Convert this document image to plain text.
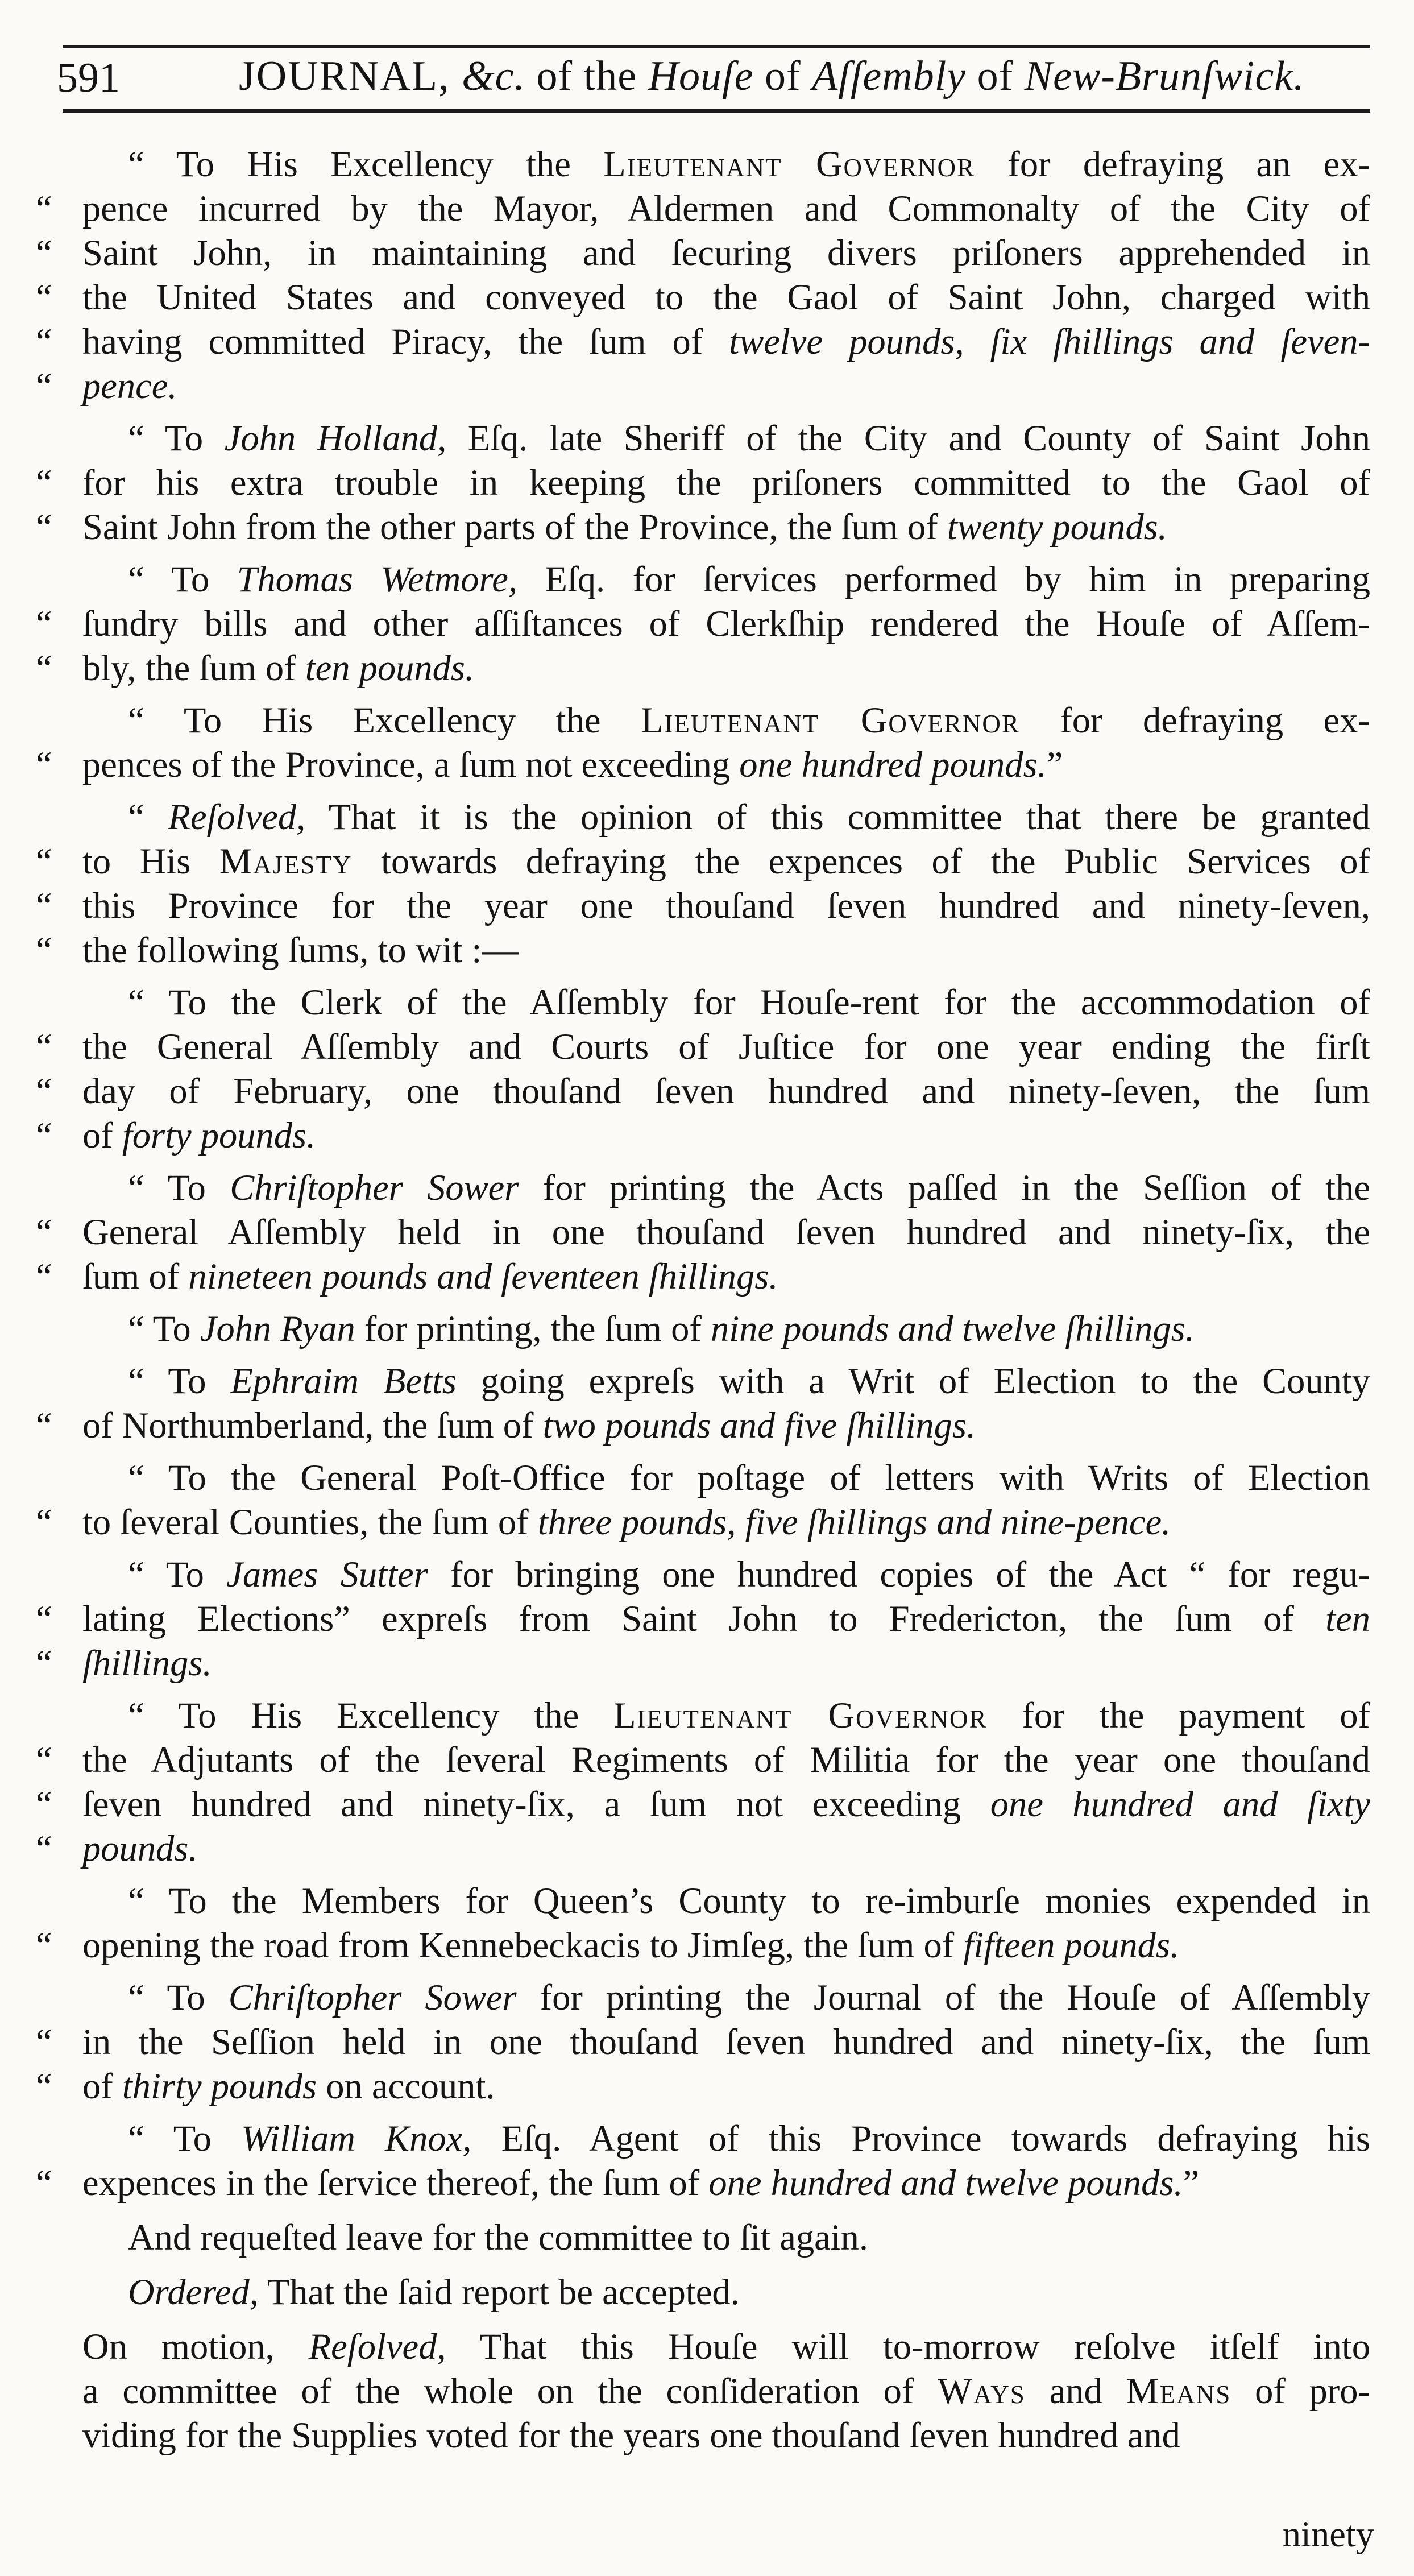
591	JOURNAL, &c. of the Houſe of Aſſembly of New-Brunſwick.
“ To His Excellency the Lieutenant Governor for defraying an ex-
“ pence incurred by the Mayor, Aldermen and Commonalty of the City of
“ Saint John, in maintaining and ſecuring divers priſoners apprehended in
“ the United States and conveyed to the Gaol of Saint John, charged with
“ having committed Piracy, the ſum of twelve pounds, ſix ſhillings and ſeven-
“ pence.
“ To John Holland, Eſq. late Sheriff of the City and County of Saint John
“ for his extra trouble in keeping the priſoners committed to the Gaol of
“ Saint John from the other parts of the Province, the ſum of twenty pounds.
“ To Thomas Wetmore, Eſq. for ſervices performed by him in preparing
“ ſundry bills and other aſſiſtances of Clerkſhip rendered the Houſe of Aſſem-
“ bly, the ſum of ten pounds.
“ To His Excellency the Lieutenant Governor for defraying ex-
“ pences of the Province, a ſum not exceeding one hundred pounds.”
“ Reſolved, That it is the opinion of this committee that there be granted
“ to His Majesty towards defraying the expences of the Public Services of
“ this Province for the year one thouſand ſeven hundred and ninety-ſeven,
“ the following ſums, to wit :—
“ To the Clerk of the Aſſembly for Houſe-rent for the accommodation of
“ the General Aſſembly and Courts of Juſtice for one year ending the firſt
“ day of February, one thouſand ſeven hundred and ninety-ſeven, the ſum
“ of forty pounds.
“ To Chriſtopher Sower for printing the Acts paſſed in the Seſſion of the
“ General Aſſembly held in one thouſand ſeven hundred and ninety-ſix, the
“ ſum of nineteen pounds and ſeventeen ſhillings.
“ To John Ryan for printing, the ſum of nine pounds and twelve ſhillings.
“ To Ephraim Betts going expreſs with a Writ of Election to the County
“ of Northumberland, the ſum of two pounds and five ſhillings.
“ To the General Poſt-Office for poſtage of letters with Writs of Election
“ to ſeveral Counties, the ſum of three pounds, five ſhillings and nine-pence.
“ To James Sutter for bringing one hundred copies of the Act “ for regu-
“ lating Elections” expreſs from Saint John to Fredericton, the ſum of ten
“ ſhillings.
“ To His Excellency the Lieutenant Governor for the payment of
“ the Adjutants of the ſeveral Regiments of Militia for the year one thouſand
“ ſeven hundred and ninety-ſix, a ſum not exceeding one hundred and ſixty
“ pounds.
“ To the Members for Queen’s County to re-imburſe monies expended in
“ opening the road from Kennebeckacis to Jimſeg, the ſum of fifteen pounds.
“ To Chriſtopher Sower for printing the Journal of the Houſe of Aſſembly
“ in the Seſſion held in one thouſand ſeven hundred and ninety-ſix, the ſum
“ of thirty pounds on account.
“ To William Knox, Eſq. Agent of this Province towards defraying his
“ expences in the ſervice thereof, the ſum of one hundred and twelve pounds.”
And requeſted leave for the committee to ſit again.
Ordered, That the ſaid report be accepted.
On motion, Reſolved, That this Houſe will to-morrow reſolve itſelf into
a committee of the whole on the conſideration of Ways and Means of pro-
viding for the Supplies voted for the years one thouſand ſeven hundred and
ninety
